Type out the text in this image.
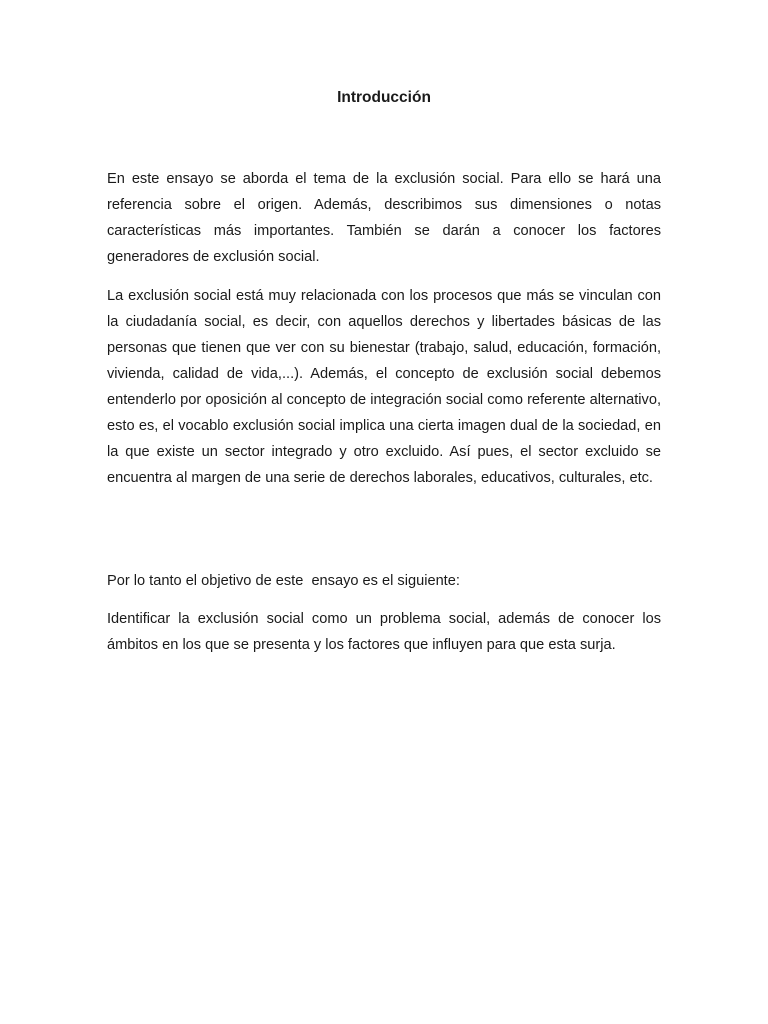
Introducción

En este ensayo se aborda el tema de la exclusión social. Para ello se hará una referencia sobre el origen. Además, describimos sus dimensiones o notas características más importantes. También se darán a conocer los factores generadores de exclusión social.

La exclusión social está muy relacionada con los procesos que más se vinculan con la ciudadanía social, es decir, con aquellos derechos y libertades básicas de las personas que tienen que ver con su bienestar (trabajo, salud, educación, formación, vivienda, calidad de vida,...). Además, el concepto de exclusión social debemos entenderlo por oposición al concepto de integración social como referente alternativo, esto es, el vocablo exclusión social implica una cierta imagen dual de la sociedad, en la que existe un sector integrado y otro excluido. Así pues, el sector excluido se encuentra al margen de una serie de derechos laborales, educativos, culturales, etc.

Por lo tanto el objetivo de este  ensayo es el siguiente:

Identificar la exclusión social como un problema social, además de conocer los ámbitos en los que se presenta y los factores que influyen para que esta surja.
